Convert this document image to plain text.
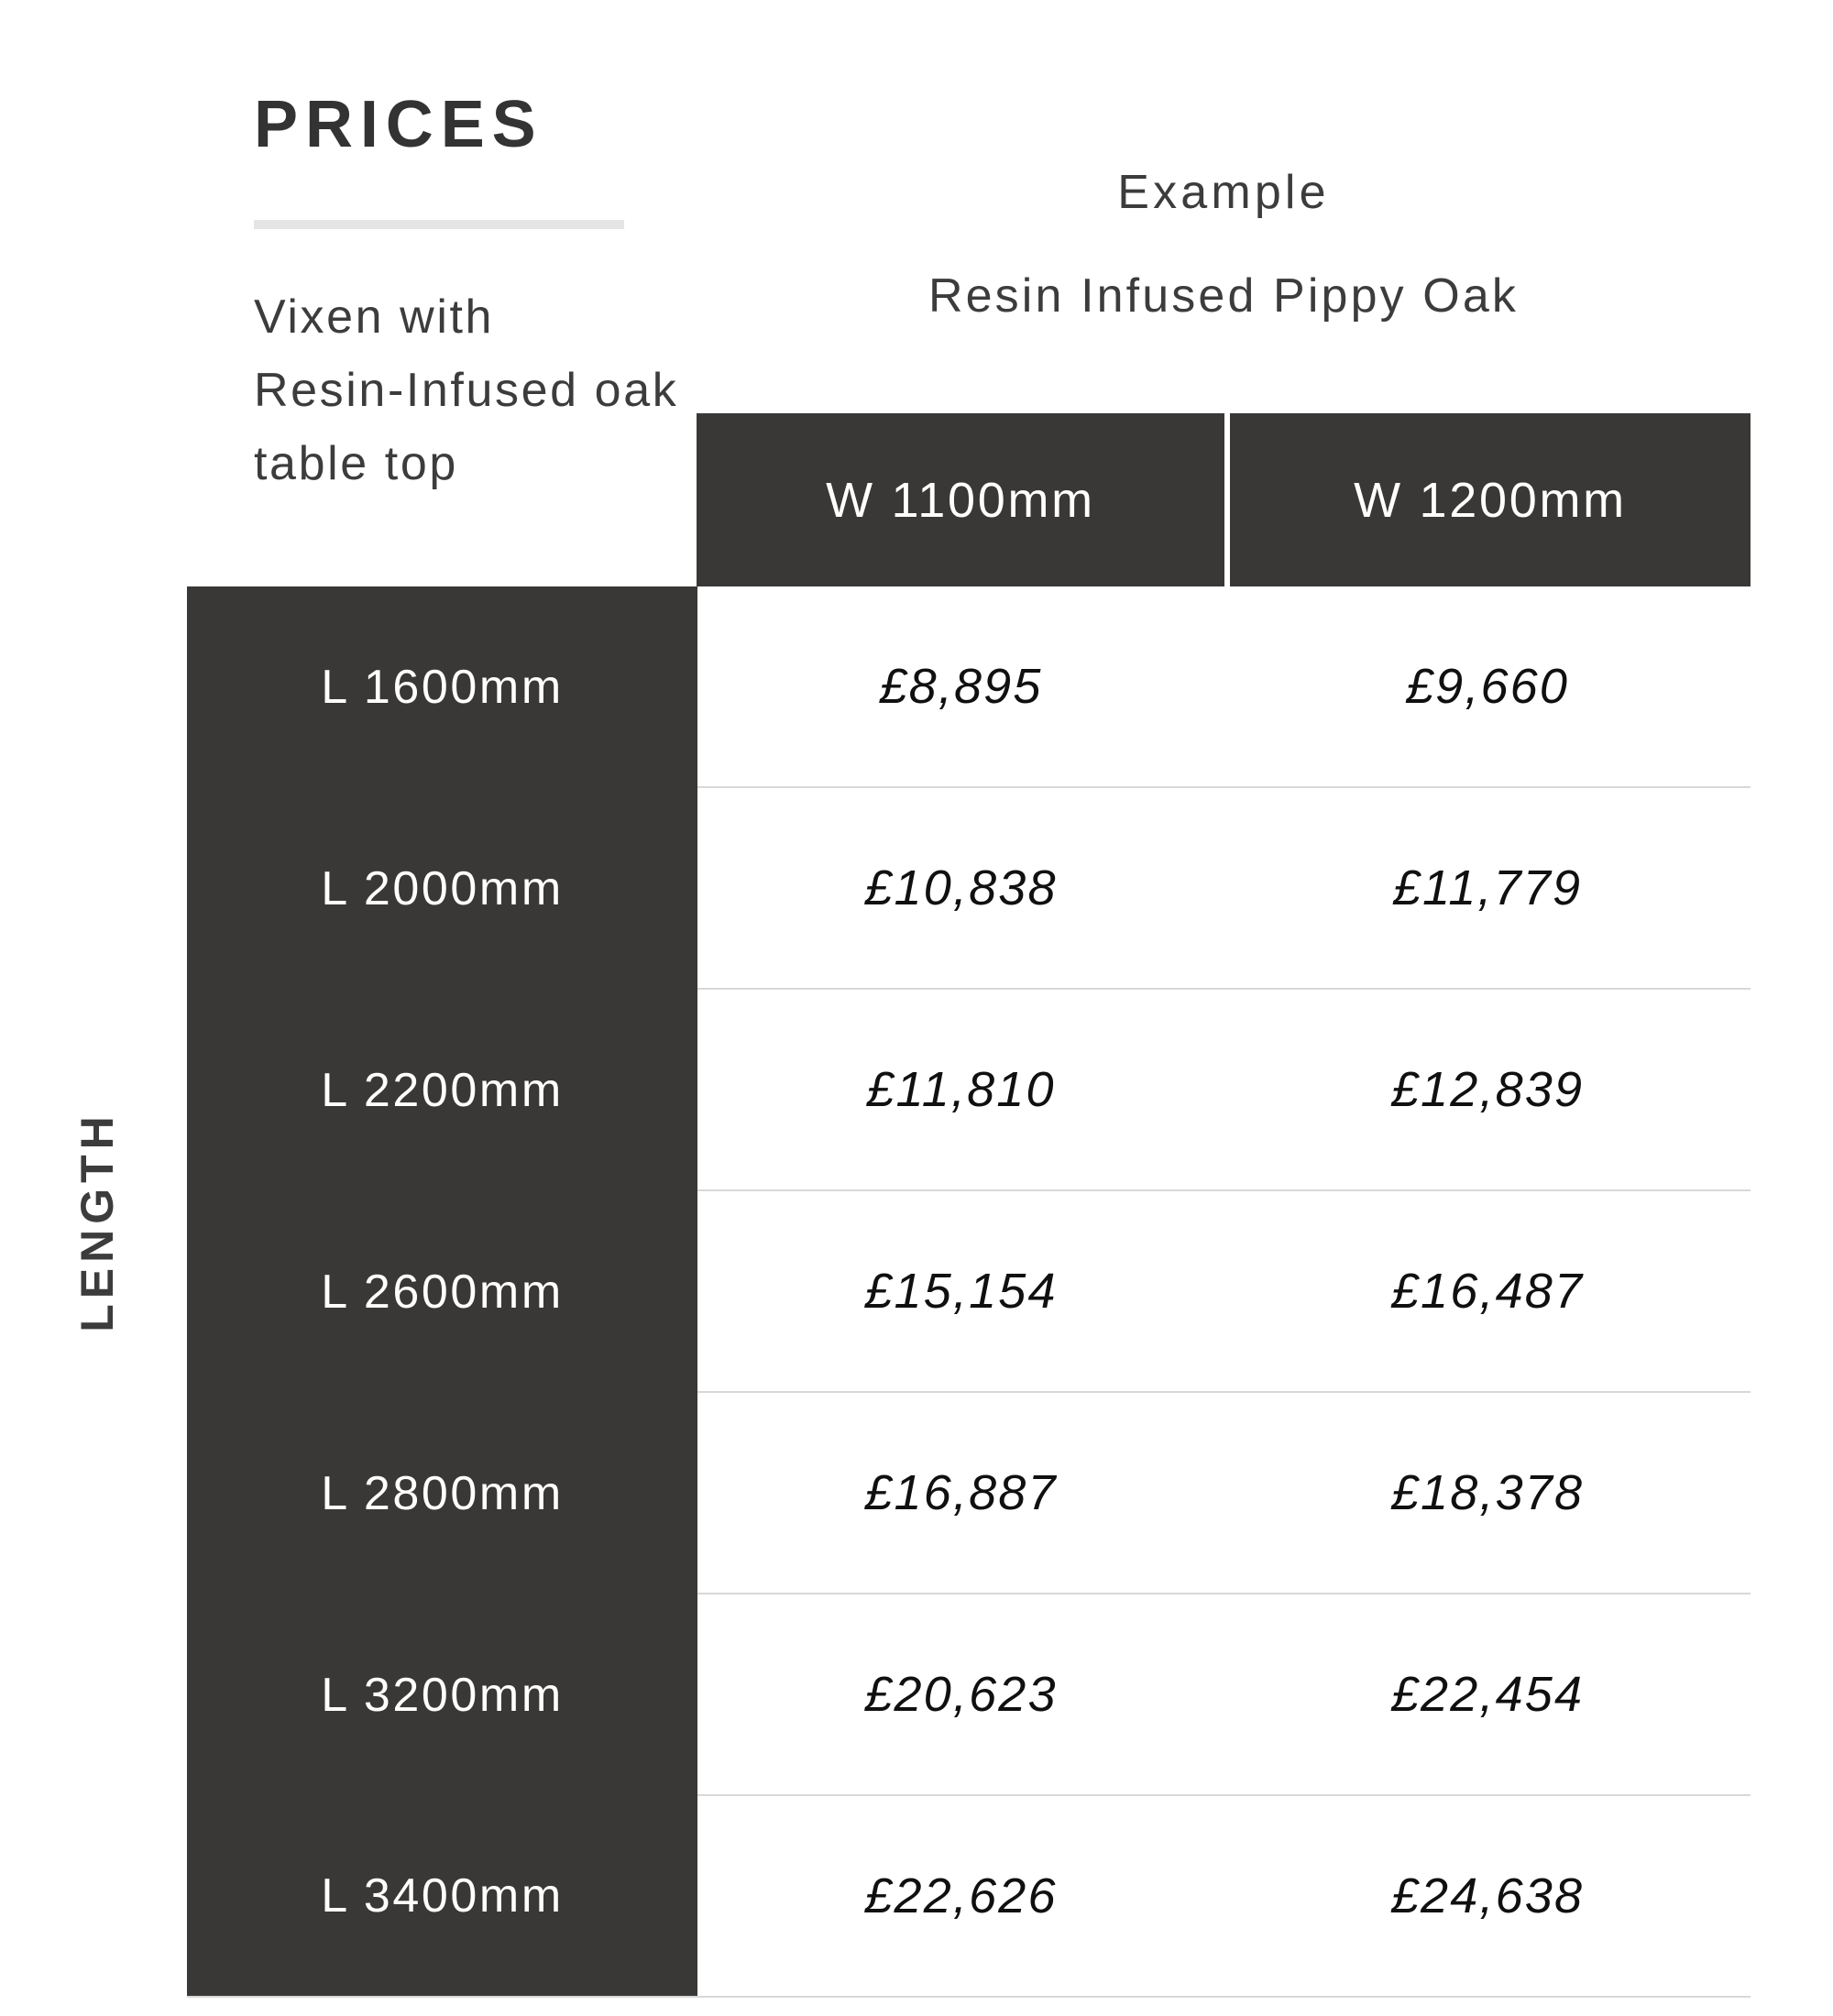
PRICES
Vixen with
Resin-Infused oak
table top
Example
Resin Infused Pippy Oak
W 1100mm	W 1200mm
LENGTH
L 1600mm	£8,895	£9,660
L 2000mm	£10,838	£11,779
L 2200mm	£11,810	£12,839
L 2600mm	£15,154	£16,487
L 2800mm	£16,887	£18,378
L 3200mm	£20,623	£22,454
L 3400mm	£22,626	£24,638
